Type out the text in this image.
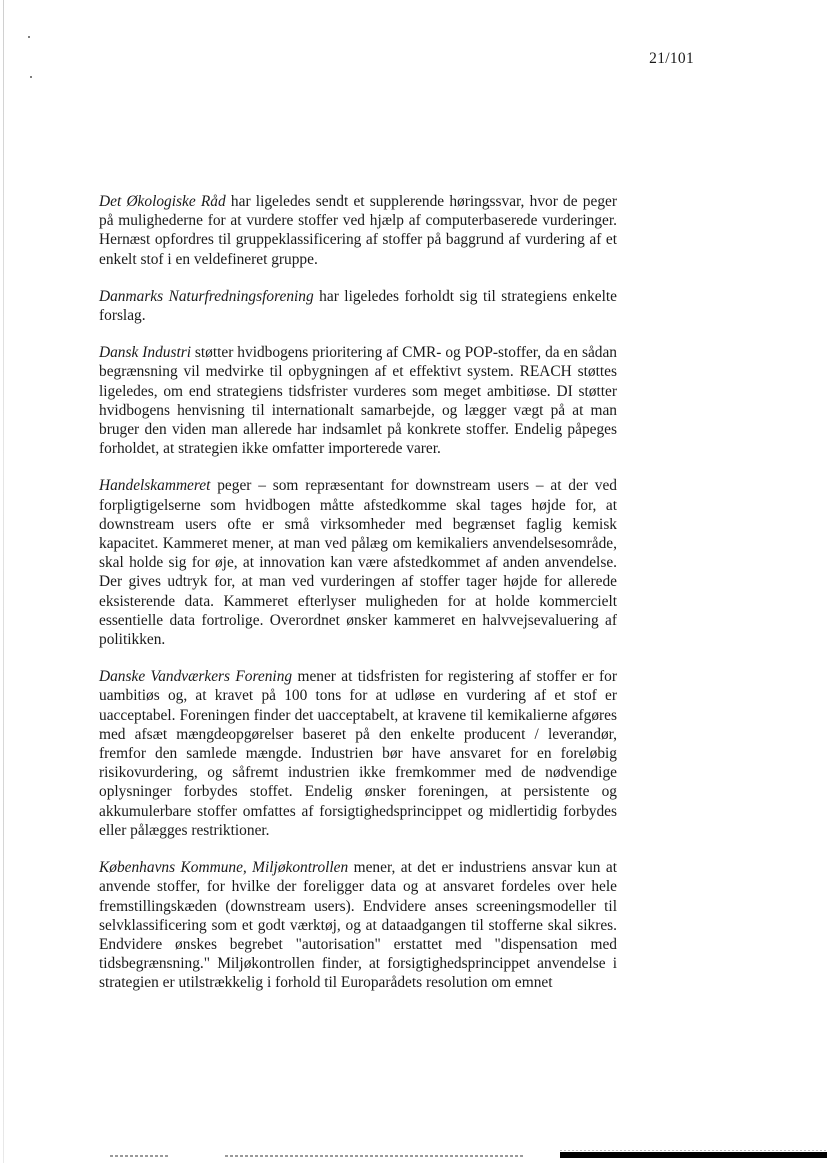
21/101

Det Økologiske Råd har ligeledes sendt et supplerende høringssvar, hvor de peger på mulighederne for at vurdere stoffer ved hjælp af computerbaserede vurderinger. Hernæst opfordres til gruppeklassificering af stoffer på baggrund af vurdering af et enkelt stof i en veldefineret gruppe.

Danmarks Naturfredningsforening har ligeledes forholdt sig til strategiens enkelte forslag.

Dansk Industri støtter hvidbogens prioritering af CMR- og POP-stoffer, da en sådan begrænsning vil medvirke til opbygningen af et effektivt system. REACH støttes ligeledes, om end strategiens tidsfrister vurderes som meget ambitiøse. DI støtter hvidbogens henvisning til internationalt samarbejde, og lægger vægt på at man bruger den viden man allerede har indsamlet på konkrete stoffer. Endelig påpeges forholdet, at strategien ikke omfatter importerede varer.

Handelskammeret peger – som repræsentant for downstream users – at der ved forpligtigelserne som hvidbogen måtte afstedkomme skal tages højde for, at downstream users ofte er små virksomheder med begrænset faglig kemisk kapacitet. Kammeret mener, at man ved pålæg om kemikaliers anvendelsesområde, skal holde sig for øje, at innovation kan være afstedkommet af anden anvendelse. Der gives udtryk for, at man ved vurderingen af stoffer tager højde for allerede eksisterende data. Kammeret efterlyser muligheden for at holde kommercielt essentielle data fortrolige. Overordnet ønsker kammeret en halvvejsevaluering af politikken.

Danske Vandværkers Forening mener at tidsfristen for registering af stoffer er for uambitiøs og, at kravet på 100 tons for at udløse en vurdering af et stof er uacceptabel. Foreningen finder det uacceptabelt, at kravene til kemikalierne afgøres med afsæt mængdeopgørelser baseret på den enkelte producent / leverandør, fremfor den samlede mængde. Industrien bør have ansvaret for en foreløbig risikovurdering, og såfremt industrien ikke fremkommer med de nødvendige oplysninger forbydes stoffet. Endelig ønsker foreningen, at persistente og akkumulerbare stoffer omfattes af forsigtighedsprincippet og midlertidig forbydes eller pålægges restriktioner.

Københavns Kommune, Miljøkontrollen mener, at det er industriens ansvar kun at anvende stoffer, for hvilke der foreligger data og at ansvaret fordeles over hele fremstillingskæden (downstream users). Endvidere anses screeningsmodeller til selvklassificering som et godt værktøj, og at dataadgangen til stofferne skal sikres. Endvidere ønskes begrebet "autorisation" erstattet med "dispensation med tidsbegrænsning." Miljøkontrollen finder, at forsigtighedsprincippet anvendelse i strategien er utilstrækkelig i forhold til Europarådets resolution om emnet
